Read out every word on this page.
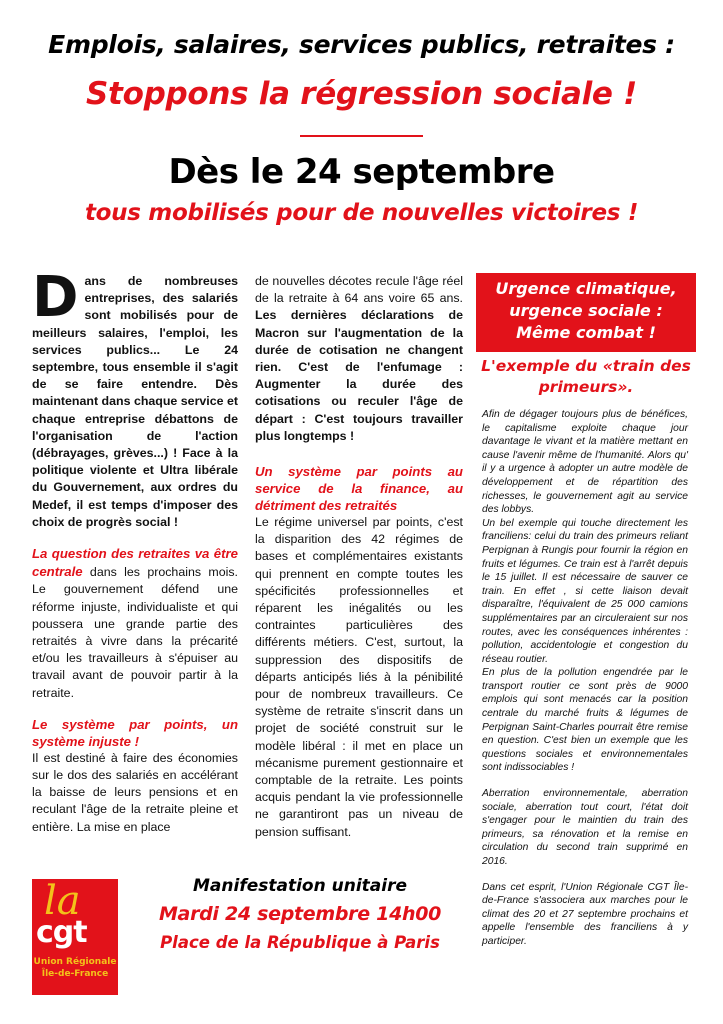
Emplois, salaires, services publics, retraites :
Stoppons la régression sociale !
Dès le 24 septembre
tous mobilisés pour de nouvelles victoires !

Dans de nombreuses entreprises, des salariés sont mobilisés pour de meilleurs salaires, l'emploi, les services publics... Le 24 septembre, tous ensemble il s'agit de se faire entendre. Dès maintenant dans chaque service et chaque entreprise débattons de l'organisation de l'action (débrayages, grèves...) ! Face à la politique violente et Ultra libérale du Gouvernement, aux ordres du Medef, il est temps d'imposer des choix de progrès social !

La question des retraites va être centrale dans les prochains mois. Le gouvernement défend une réforme injuste, individualiste et qui poussera une grande partie des retraités à vivre dans la précarité et/ou les travailleurs à s'épuiser au travail avant de pouvoir partir à la retraite.

Le système par points, un système injuste !

Il est destiné à faire des économies sur le dos des salariés en accélérant la baisse de leurs pensions et en reculant l'âge de la retraite pleine et entière. La mise en place

de nouvelles décotes recule l'âge réel de la retraite à 64 ans voire 65 ans. Les dernières déclarations de Macron sur l'augmentation de la durée de cotisation ne changent rien. C'est de l'enfumage : Augmenter la durée des cotisations ou reculer l'âge de départ : C'est toujours travailler plus longtemps !

Un système par points au service de la finance, au détriment des retraités

Le régime universel par points, c'est la disparition des 42 régimes de bases et complémentaires existants qui prennent en compte toutes les spécificités professionnelles et réparent les inégalités ou les contraintes particulières des différents métiers. C'est, surtout, la suppression des dispositifs de départs anticipés liés à la pénibilité pour de nombreux travailleurs. Ce système de retraite s'inscrit dans un projet de société construit sur le modèle libéral : il met en place un mécanisme purement gestionnaire et comptable de la retraite. Les points acquis pendant la vie professionnelle ne garantiront pas un niveau de pension suffisant.

Urgence climatique, urgence sociale : Même combat !
L'exemple du «train des primeurs».

Afin de dégager toujours plus de bénéfices, le capitalisme exploite chaque jour davantage le vivant et la matière mettant en cause l'avenir même de l'humanité. Alors qu' il y a urgence à adopter un autre modèle de développement et de répartition des richesses, le gouvernement agit au service des lobbys.

Un bel exemple qui touche directement les franciliens: celui du train des primeurs reliant Perpignan à Rungis pour fournir la région en fruits et légumes. Ce train est à l'arrêt depuis le 15 juillet. Il est nécessaire de sauver ce train. En effet , si cette liaison devait disparaître, l'équivalent de 25 000 camions supplémentaires par an circuleraient sur nos routes, avec les conséquences inhérentes : pollution, accidentologie et congestion du réseau routier.

En plus de la pollution engendrée par le transport routier ce sont près de 9000 emplois qui sont menacés car la position centrale du marché fruits & légumes de Perpignan Saint-Charles pourrait être remise en question. C'est bien un exemple que les questions sociales et environnementales sont indissociables !

Aberration environnementale, aberration sociale, aberration tout court, l'état doit s'engager pour le maintien du train des primeurs, sa rénovation et la remise en circulation du second train supprimé en 2016.

Dans cet esprit, l'Union Régionale CGT Île-de-France s'associera aux marches pour le climat des 20 et 27 septembre prochains et appelle l'ensemble des franciliens à y participer.

la
cgt
Union Régionale
Île-de-France
Manifestation unitaire
Mardi 24 septembre 14h00
Place de la République à Paris
